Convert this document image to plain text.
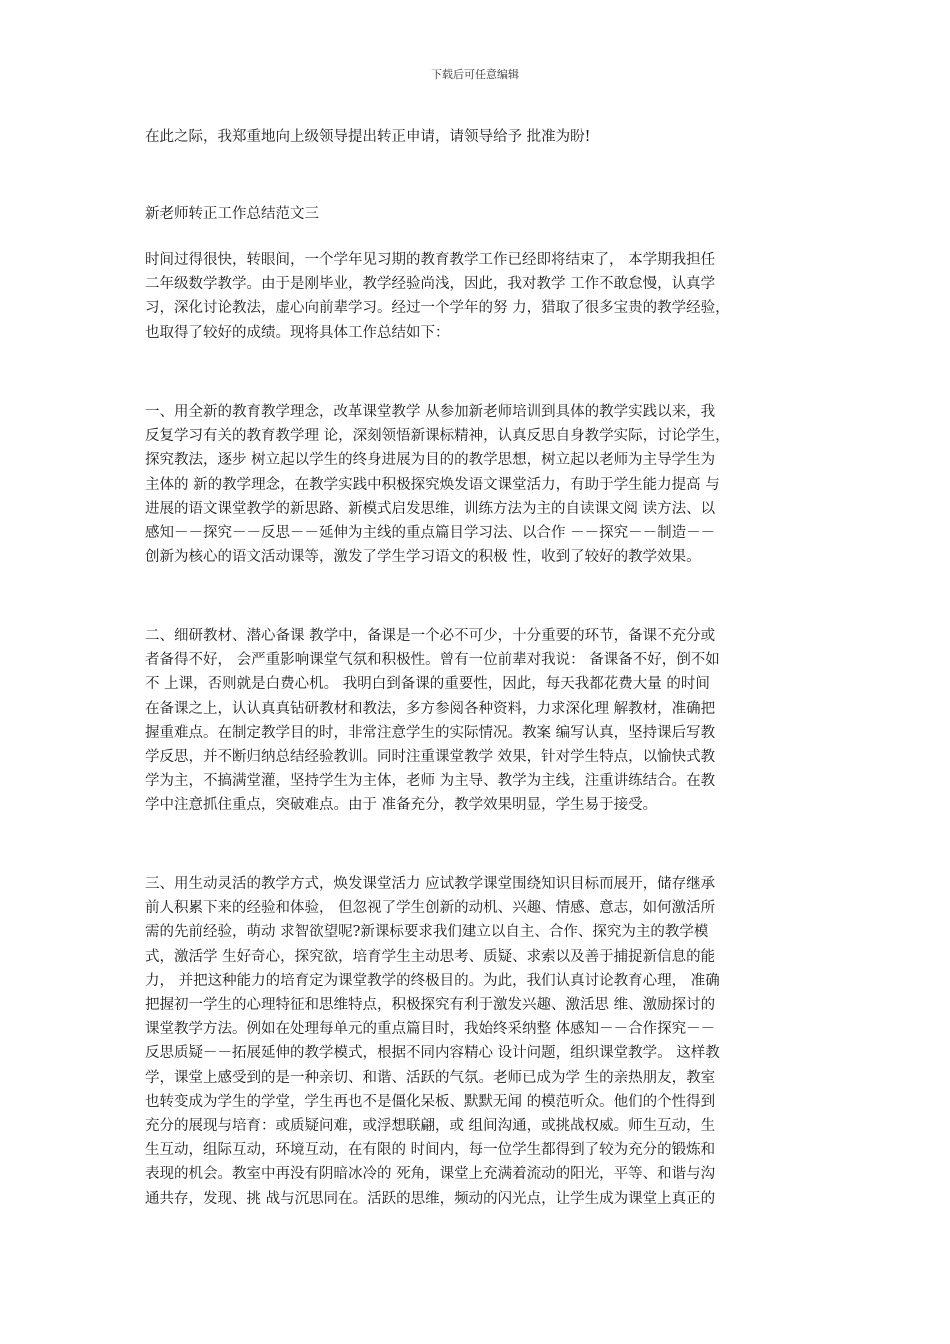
下载后可任意编辑
在此之际，我郑重地向上级领导提出转正申请，请领导给予 批准为盼!
新老师转正工作总结范文三
时间过得很快，转眼间，一个学年见习期的教育教学工作已经即将结束了， 本学期我担任
二年级数学教学。由于是刚毕业，教学经验尚浅，因此，我对教学 工作不敢怠慢，认真学
习，深化讨论教法，虚心向前辈学习。经过一个学年的努 力，猎取了很多宝贵的教学经验，
也取得了较好的成绩。现将具体工作总结如下：
一、用全新的教育教学理念，改革课堂教学 从参加新老师培训到具体的教学实践以来，我
反复学习有关的教育教学理 论，深刻领悟新课标精神，认真反思自身教学实际，讨论学生，
探究教法，逐步 树立起以学生的终身进展为目的的教学思想，树立起以老师为主导学生为
主体的 新的教学理念，在教学实践中积极探究焕发语文课堂活力，有助于学生能力提高 与
进展的语文课堂教学的新思路、新模式启发思维，训练方法为主的自读课文阅 读方法、以
感知－－探究－－反思－－延伸为主线的重点篇目学习法、以合作 －－探究－－制造－－
创新为核心的语文活动课等，激发了学生学习语文的积极 性，收到了较好的教学效果。
二、细研教材、潜心备课 教学中，备课是一个必不可少，十分重要的环节，备课不充分或
者备得不好， 会严重影响课堂气氛和积极性。曾有一位前辈对我说： 备课备不好，倒不如
不 上课，否则就是白费心机。 我明白到备课的重要性，因此，每天我都花费大量 的时间
在备课之上，认认真真钻研教材和教法，多方参阅各种资料，力求深化理 解教材，准确把
握重难点。在制定教学目的时，非常注意学生的实际情况。教案 编写认真，坚持课后写教
学反思，并不断归纳总结经验教训。同时注重课堂教学 效果，针对学生特点，以愉快式教
学为主，不搞满堂灌，坚持学生为主体，老师 为主导、教学为主线，注重讲练结合。在教
学中注意抓住重点，突破难点。由于 准备充分，教学效果明显，学生易于接受。
三、用生动灵活的教学方式，焕发课堂活力 应试教学课堂围绕知识目标而展开，储存继承
前人积累下来的经验和体验， 但忽视了学生创新的动机、兴趣、情感、意志，如何激活所
需的先前经验，萌动 求智欲望呢?新课标要求我们建立以自主、合作、探究为主的教学模
式，激活学 生好奇心，探究欲，培育学生主动思考、质疑、求索以及善于捕捉新信息的能
力， 并把这种能力的培育定为课堂教学的终极目的。为此，我们认真讨论教育心理， 准确
把握初一学生的心理特征和思维特点，积极探究有利于激发兴趣、激活思 维、激励探讨的
课堂教学方法。例如在处理每单元的重点篇目时，我始终采纳整 体感知－－合作探究－－
反思质疑－－拓展延伸的教学模式，根据不同内容精心 设计问题，组织课堂教学。 这样教
学，课堂上感受到的是一种亲切、和谐、活跃的气氛。老师已成为学 生的亲热朋友，教室
也转变成为学生的学堂，学生再也不是僵化呆板、默默无闻 的模范听众。他们的个性得到
充分的展现与培育：或质疑问难，或浮想联翩，或 组间沟通，或挑战权威。师生互动，生
生互动，组际互动，环境互动，在有限的 时间内，每一位学生都得到了较为充分的锻炼和
表现的机会。教室中再没有阴暗冰冷的 死角，课堂上充满着流动的阳光，平等、和谐与沟
通共存，发现、挑 战与沉思同在。活跃的思维，频动的闪光点，让学生成为课堂上真正的
